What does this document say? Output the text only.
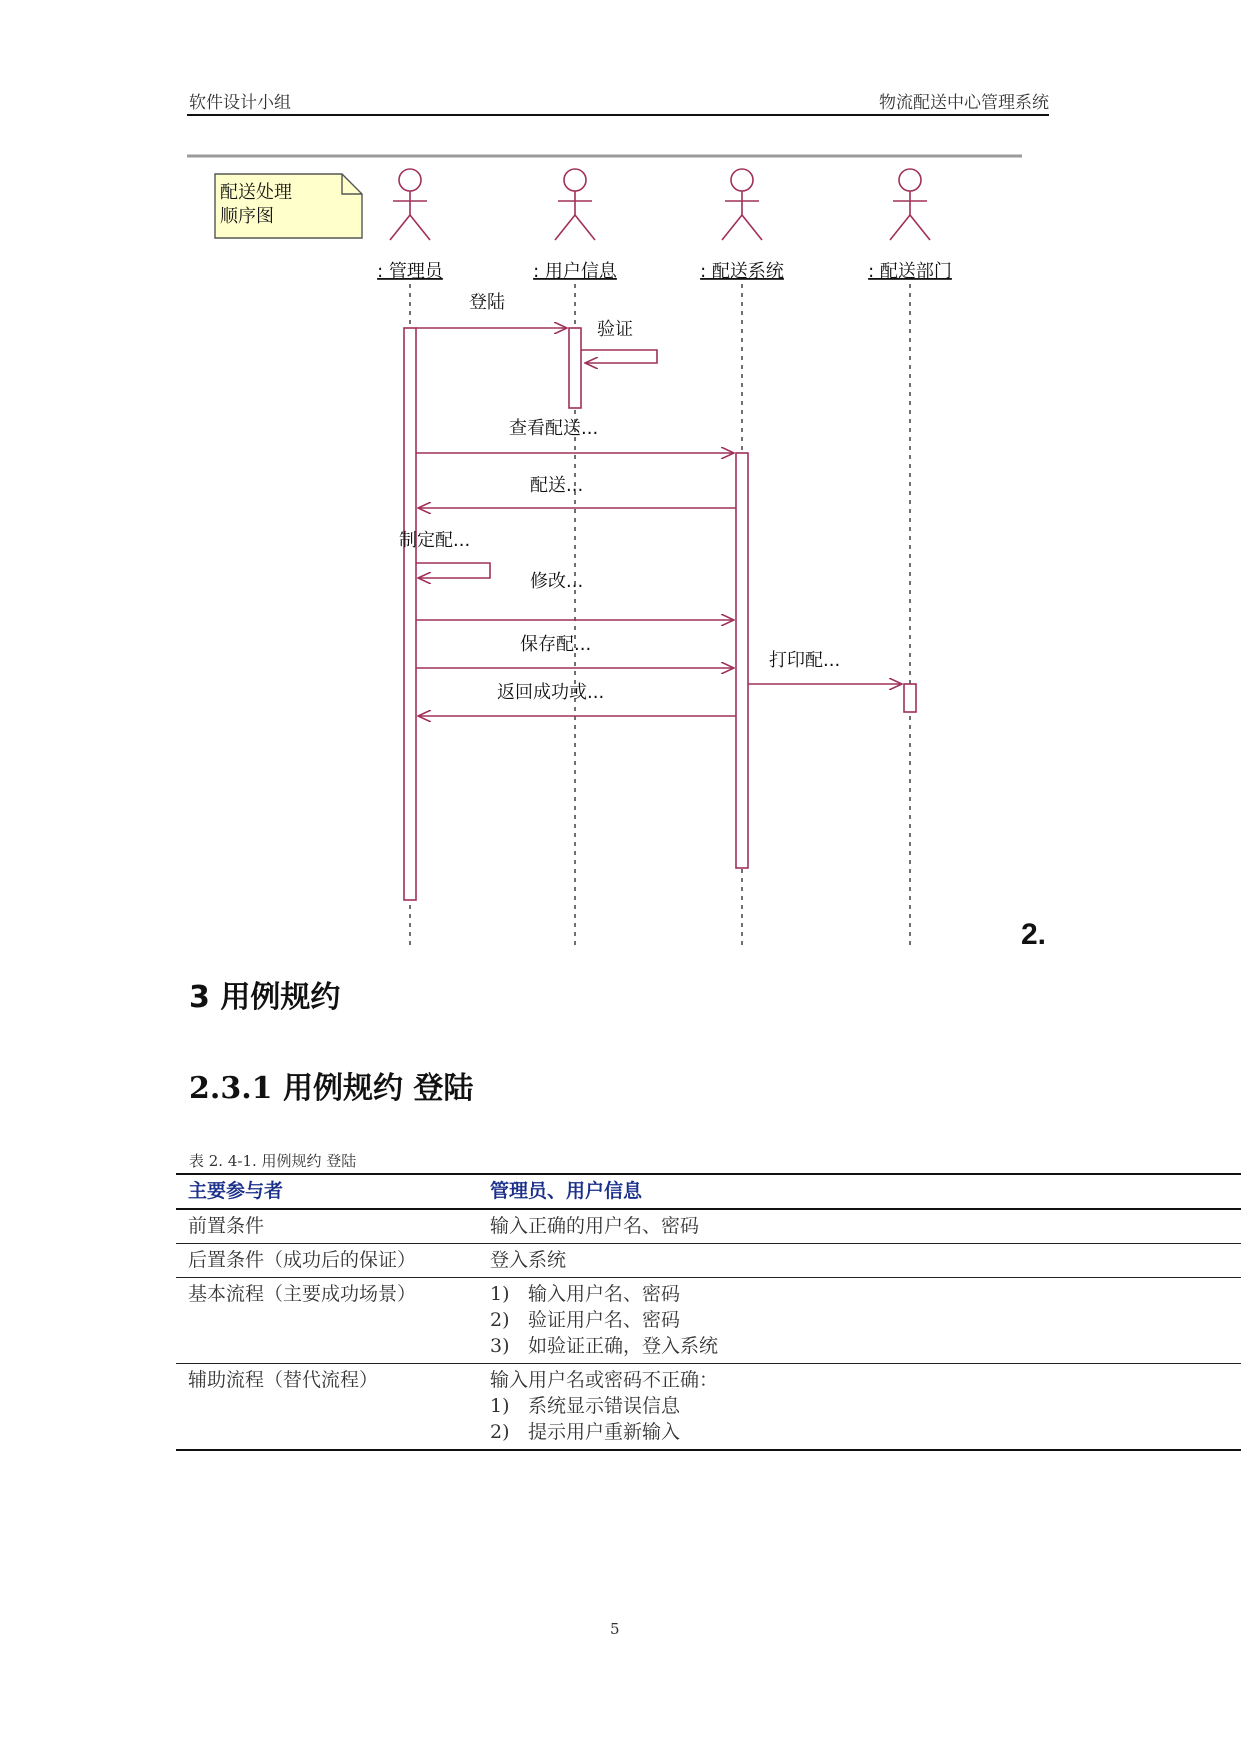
软件设计小组	物流配送中心管理系统
配送处理
顺序图
: 管理员	: 用户信息	: 配送系统	: 配送部门
登陆
验证
查看配送...
配送...
制定配...
修改...
保存配...
打印配...
返回成功或...
2.
3 用例规约
2.3.1 用例规约 登陆
表 2. 4-1. 用例规约 登陆
主要参与者	管理员、用户信息
前置条件	输入正确的用户名、密码

后置条件（成功后的保证）	登入系统

基本流程（主要成功场景）	1) 输入用户名、密码
2) 验证用户名、密码
3) 如验证正确，登入系统

辅助流程（替代流程）	输入用户名或密码不正确：
1) 系统显示错误信息
2) 提示用户重新输入
5
